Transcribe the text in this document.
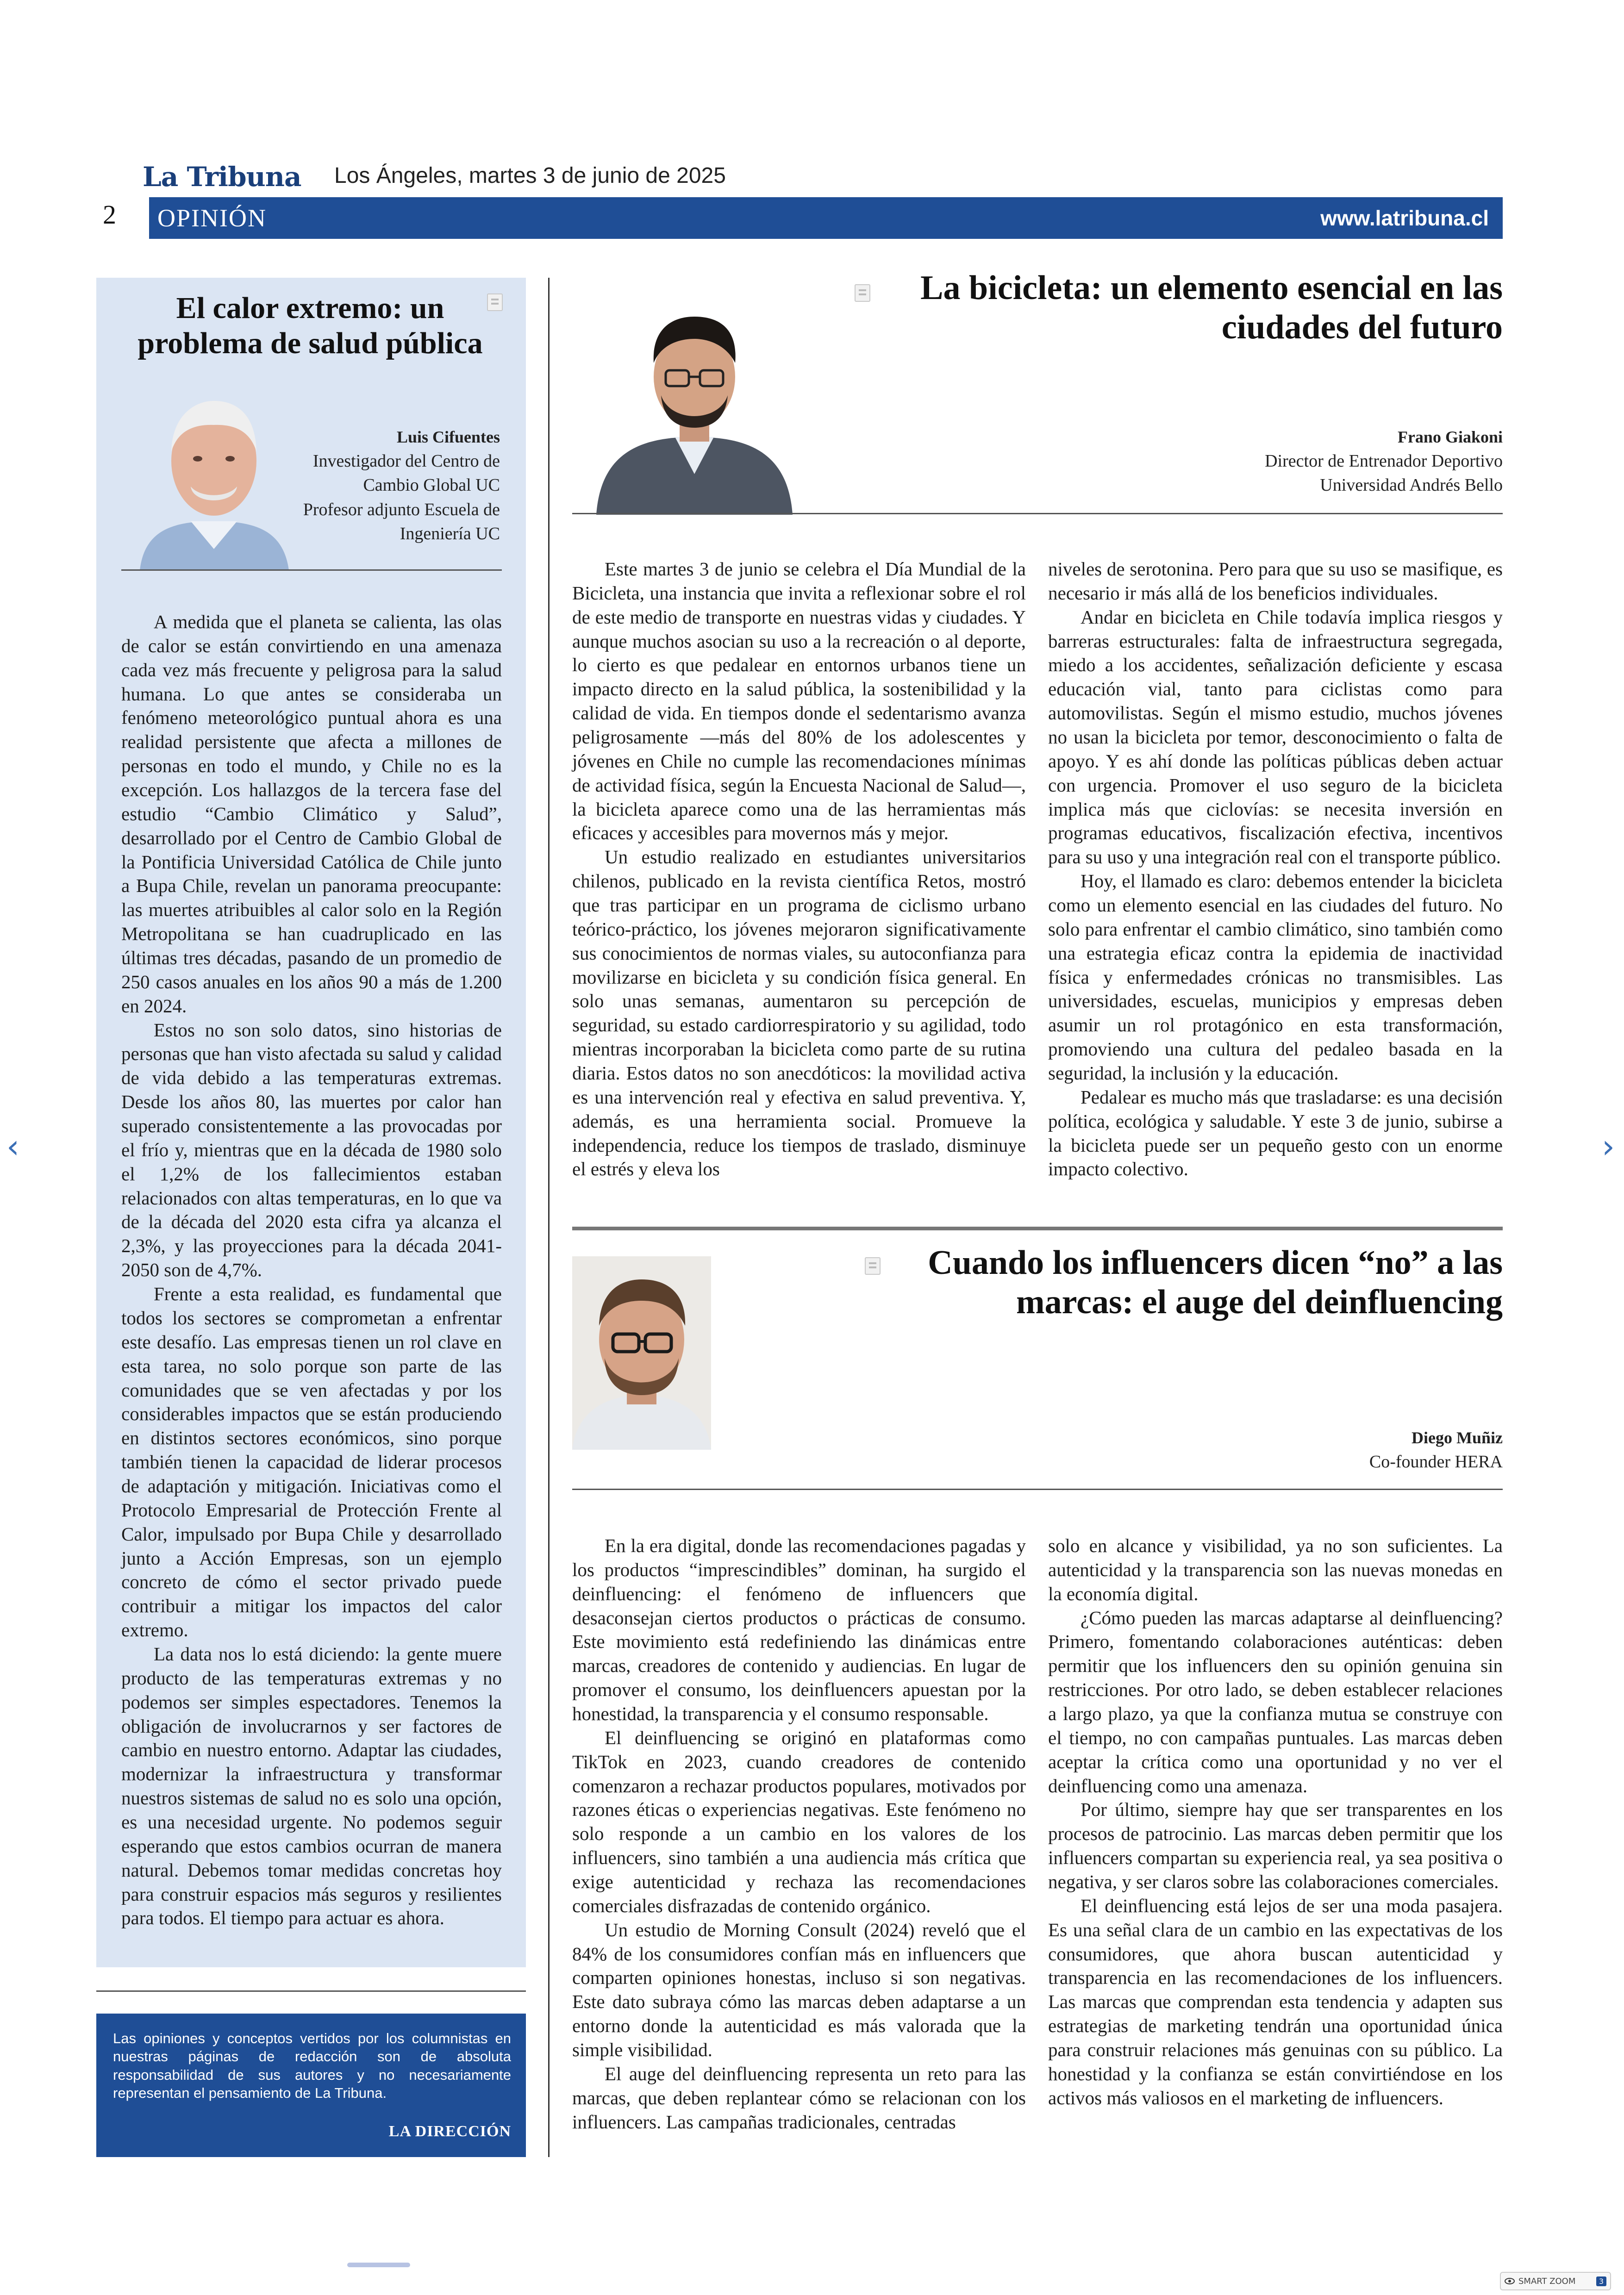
La Tribuna Los Ángeles, martes 3 de junio de 2025
2 OPINIÓN	www.latribuna.cl
El calor extremo: un problema de salud pública
Luis Cifuentes
Investigador del Centro de
Cambio Global UC
Profesor adjunto Escuela de
Ingeniería UC

A medida que el planeta se calienta, las olas de calor se están convirtiendo en una amenaza cada vez más frecuente y peligrosa para la salud humana. Lo que antes se consideraba un fenómeno meteorológico puntual ahora es una realidad persistente que afecta a millones de personas en todo el mundo, y Chile no es la excepción. Los hallazgos de la tercera fase del estudio “Cambio Climático y Salud”, desarrollado por el Centro de Cambio Global de la Pontificia Universidad Católica de Chile junto a Bupa Chile, revelan un panorama preocupante: las muertes atribuibles al calor solo en la Región Metropolitana se han cuadruplicado en las últimas tres décadas, pasando de un promedio de 250 casos anuales en los años 90 a más de 1.200 en 2024.

Estos no son solo datos, sino historias de personas que han visto afectada su salud y calidad de vida debido a las temperaturas extremas. Desde los años 80, las muertes por calor han superado consistentemente a las provocadas por el frío y, mientras que en la década de 1980 solo el 1,2% de los fallecimientos estaban relacionados con altas temperaturas, en lo que va de la década del 2020 esta cifra ya alcanza el 2,3%, y las proyecciones para la década 2041-2050 son de 4,7%.

Frente a esta realidad, es fundamental que todos los sectores se comprometan a enfrentar este desafío. Las empresas tienen un rol clave en esta tarea, no solo porque son parte de las comunidades que se ven afectadas y por los considerables impactos que se están produciendo en distintos sectores económicos, sino porque también tienen la capacidad de liderar procesos de adaptación y mitigación. Iniciativas como el Protocolo Empresarial de Protección Frente al Calor, impulsado por Bupa Chile y desarrollado junto a Acción Empresas, son un ejemplo concreto de cómo el sector privado puede contribuir a mitigar los impactos del calor extremo.

La data nos lo está diciendo: la gente muere producto de las temperaturas extremas y no podemos ser simples espectadores. Tenemos la obligación de involucrarnos y ser factores de cambio en nuestro entorno. Adaptar las ciudades, modernizar la infraestructura y transformar nuestros sistemas de salud no es solo una opción, es una necesidad urgente. No podemos seguir esperando que estos cambios ocurran de manera natural. Debemos tomar medidas concretas hoy para construir espacios más seguros y resilientes para todos. El tiempo para actuar es ahora.

Las opiniones y conceptos vertidos por los columnistas en nuestras páginas de redacción son de absoluta responsabilidad de sus autores y no necesariamente representan el pensamiento de La Tribuna.
LA DIRECCIÓN
La bicicleta: un elemento esencial en las
ciudades del futuro
Frano Giakoni
Director de Entrenador Deportivo
Universidad Andrés Bello

Este martes 3 de junio se celebra el Día Mundial de la Bicicleta, una instancia que invita a reflexionar sobre el rol de este medio de transporte en nuestras vidas y ciudades. Y aunque muchos asocian su uso a la recreación o al deporte, lo cierto es que pedalear en entornos urbanos tiene un impacto directo en la salud pública, la sostenibilidad y la calidad de vida. En tiempos donde el sedentarismo avanza peligrosamente —más del 80% de los adolescentes y jóvenes en Chile no cumple las recomendaciones mínimas de actividad física, según la Encuesta Nacional de Salud—, la bicicleta aparece como una de las herramientas más eficaces y accesibles para movernos más y mejor.

Un estudio realizado en estudiantes universitarios chilenos, publicado en la revista científica Retos, mostró que tras participar en un programa de ciclismo urbano teórico-práctico, los jóvenes mejoraron significativamente sus conocimientos de normas viales, su autoconfianza para movilizarse en bicicleta y su condición física general. En solo unas semanas, aumentaron su percepción de seguridad, su estado cardiorrespiratorio y su agilidad, todo mientras incorporaban la bicicleta como parte de su rutina diaria. Estos datos no son anecdóticos: la movilidad activa es una intervención real y efectiva en salud preventiva. Y, además, es una herramienta social. Promueve la independencia, reduce los tiempos de traslado, disminuye el estrés y eleva los

niveles de serotonina. Pero para que su uso se masifique, es necesario ir más allá de los beneficios individuales.

Andar en bicicleta en Chile todavía implica riesgos y barreras estructurales: falta de infraestructura segregada, miedo a los accidentes, señalización deficiente y escasa educación vial, tanto para ciclistas como para automovilistas. Según el mismo estudio, muchos jóvenes no usan la bicicleta por temor, desconocimiento o falta de apoyo. Y es ahí donde las políticas públicas deben actuar con urgencia. Promover el uso seguro de la bicicleta implica más que ciclovías: se necesita inversión en programas educativos, fiscalización efectiva, incentivos para su uso y una integración real con el transporte público.

Hoy, el llamado es claro: debemos entender la bicicleta como un elemento esencial en las ciudades del futuro. No solo para enfrentar el cambio climático, sino también como una estrategia eficaz contra la epidemia de inactividad física y enfermedades crónicas no transmisibles. Las universidades, escuelas, municipios y empresas deben asumir un rol protagónico en esta transformación, promoviendo una cultura del pedaleo basada en la seguridad, la inclusión y la educación.

Pedalear es mucho más que trasladarse: es una decisión política, ecológica y saludable. Y este 3 de junio, subirse a la bicicleta puede ser un pequeño gesto con un enorme impacto colectivo.

Cuando los influencers dicen “no” a las
marcas: el auge del deinfluencing
Diego Muñiz
Co-founder HERA

En la era digital, donde las recomendaciones pagadas y los productos “imprescindibles” dominan, ha surgido el deinfluencing: el fenómeno de influencers que desaconsejan ciertos productos o prácticas de consumo. Este movimiento está redefiniendo las dinámicas entre marcas, creadores de contenido y audiencias. En lugar de promover el consumo, los deinfluencers apuestan por la honestidad, la transparencia y el consumo responsable.

El deinfluencing se originó en plataformas como TikTok en 2023, cuando creadores de contenido comenzaron a rechazar productos populares, motivados por razones éticas o experiencias negativas. Este fenómeno no solo responde a un cambio en los valores de los influencers, sino también a una audiencia más crítica que exige autenticidad y rechaza las recomendaciones comerciales disfrazadas de contenido orgánico.

Un estudio de Morning Consult (2024) reveló que el 84% de los consumidores confían más en influencers que comparten opiniones honestas, incluso si son negativas. Este dato subraya cómo las marcas deben adaptarse a un entorno donde la autenticidad es más valorada que la simple visibilidad.

El auge del deinfluencing representa un reto para las marcas, que deben replantear cómo se relacionan con los influencers. Las campañas tradicionales, centradas

solo en alcance y visibilidad, ya no son suficientes. La autenticidad y la transparencia son las nuevas monedas en la economía digital.

¿Cómo pueden las marcas adaptarse al deinfluencing? Primero, fomentando colaboraciones auténticas: deben permitir que los influencers den su opinión genuina sin restricciones. Por otro lado, se deben establecer relaciones a largo plazo, ya que la confianza mutua se construye con el tiempo, no con campañas puntuales. Las marcas deben aceptar la crítica como una oportunidad y no ver el deinfluencing como una amenaza.

Por último, siempre hay que ser transparentes en los procesos de patrocinio. Las marcas deben permitir que los influencers compartan su experiencia real, ya sea positiva o negativa, y ser claros sobre las colaboraciones comerciales.

El deinfluencing está lejos de ser una moda pasajera. Es una señal clara de un cambio en las expectativas de los consumidores, que ahora buscan autenticidad y transparencia en las recomendaciones de los influencers. Las marcas que comprendan esta tendencia y adapten sus estrategias de marketing tendrán una oportunidad única para construir relaciones más genuinas con su público. La honestidad y la confianza se están convirtiéndose en los activos más valiosos en el marketing de influencers.

‹	›
SMART ZOOM	3
